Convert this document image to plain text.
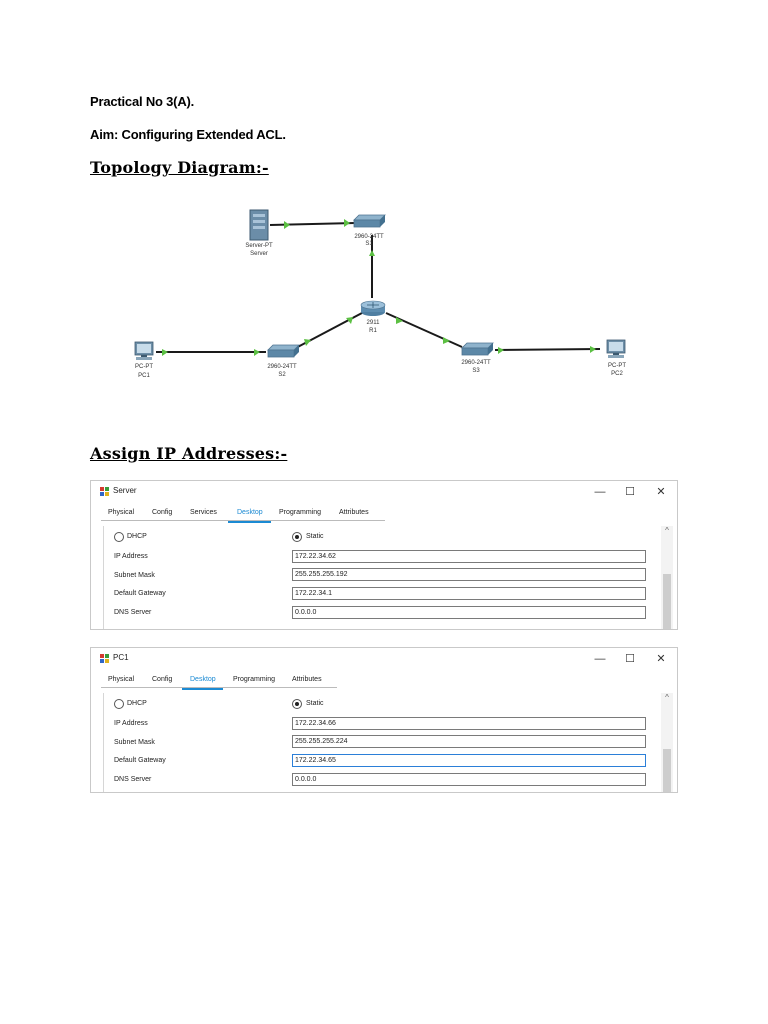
Practical No 3(A).
Aim: Configuring Extended ACL.
Topology Diagram:-
Server-PT
Server
2960-24TT
S1
2911
R1
2960-24TT
S2
2960-24TT
S3
PC-PT
PC1
PC-PT
PC2
Assign IP Addresses:-
Server	—	☐	✕
Physical	Config	Services	Desktop	Programming	Attributes
DHCP	Static
IP Address	172.22.34.62
Subnet Mask	255.255.255.192
Default Gateway	172.22.34.1
DNS Server	0.0.0.0
^
PC1	—	☐	✕
Physical	Config	Desktop	Programming Attributes
DHCP	Static
IP Address	172.22.34.66
Subnet Mask	255.255.255.224
Default Gateway	172.22.34.65
DNS Server	0.0.0.0
^
